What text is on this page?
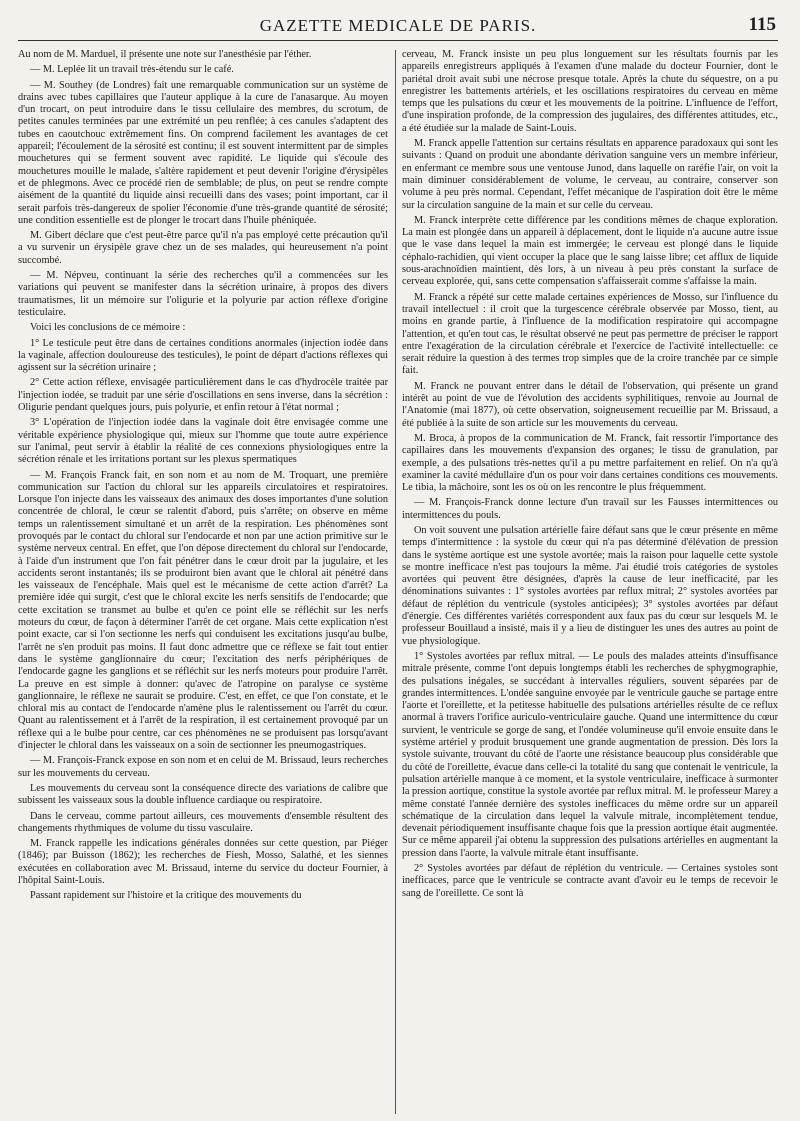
GAZETTE MEDICALE DE PARIS.	115

Au nom de M. Marduel, il présente une note sur l'anesthésie par l'éther.

— M. Leplée lit un travail très-étendu sur le café.

— M. Southey (de Londres) fait une remarquable communication sur un système de drains avec tubes capillaires que l'auteur applique à la cure de l'anasarque. Au moyen d'un trocart, on peut introduire dans le tissu cellulaire des membres, du scrotum, de petites canules terminées par une extrémité un peu renflée; à ces canules s'adaptent des tubes en caoutchouc extrêmement fins. On comprend facilement les avantages de cet appareil; l'écoulement de la sérosité est continu; il est souvent intermittent par de simples mouchetures qui se ferment souvent avec rapidité. Le liquide qui s'écoule des mouchetures mouille le malade, s'altère rapidement et peut devenir l'origine d'érysipèles et de phlegmons. Avec ce procédé rien de semblable; de plus, on peut se rendre compte aisément de la quantité du liquide ainsi recueilli dans des vases; point important, car il serait parfois très-dangereux de spolier l'économie d'une très-grande quantité de sérosité; une condition essentielle est de plonger le trocart dans l'huile phéniquée.

M. Gibert déclare que c'est peut-être parce qu'il n'a pas employé cette précaution qu'il a vu survenir un érysipèle grave chez un de ses malades, qui heureusement n'a point succombé.

— M. Népveu, continuant la série des recherches qu'il a commencées sur les variations qui peuvent se manifester dans la sécrétion urinaire, à propos des divers traumatismes, lit un mémoire sur l'oligurie et la polyurie par action réflexe d'origine testiculaire.

Voici les conclusions de ce mémoire :

1° Le testicule peut être dans de certaines conditions anormales (injection iodée dans la vaginale, affection douloureuse des testicules), le point de départ d'actions réflexes qui agissent sur la sécrétion urinaire ;

2° Cette action réflexe, envisagée particulièrement dans le cas d'hydrocèle traitée par l'injection iodée, se traduit par une série d'oscillations en sens inverse, dans la sécrétion : Oligurie pendant quelques jours, puis polyurie, et enfin retour à l'état normal ;

3° L'opération de l'injection iodée dans la vaginale doit être envisagée comme une véritable expérience physiologique qui, mieux sur l'homme que toute autre expérience sur l'animal, peut servir à établir la réalité de ces connexions physiologiques entre la sécrétion rénale et les irritations portant sur les plexus spermatiques

— M. François Franck fait, en son nom et au nom de M. Troquart, une première communication sur l'action du chloral sur les appareils circulatoires et respiratoires. Lorsque l'on injecte dans les vaisseaux des animaux des doses importantes d'une solution concentrée de chloral, le cœur se ralentit d'abord, puis s'arrête; on observe en même temps un ralentissement simultané et un arrêt de la respiration. Les phénomènes sont provoqués par le contact du chloral sur l'endocarde et non par une action primitive sur le système nerveux central. En effet, que l'on dépose directement du chloral sur l'endocarde, à l'aide d'un instrument que l'on fait pénétrer dans le cœur droit par la jugulaire, et les accidents seront instantanés; ils se produiront bien avant que le chloral ait pénétré dans les vaisseaux de l'encéphale. Mais quel est le mécanisme de cette action d'arrêt? La première idée qui surgit, c'est que le chloral excite les nerfs sensitifs de l'endocarde; que cette excitation se transmet au bulbe et qu'en ce point elle se réfléchit sur les nerfs moteurs du cœur, de façon à déterminer l'arrêt de cet organe. Mais cette explication n'est point exacte, car si l'on sectionne les nerfs qui conduisent les excitations jusqu'au bulbe, l'arrêt ne s'en produit pas moins. Il faut donc admettre que ce réflexe se fait tout entier dans le système ganglionnaire du cœur; l'excitation des nerfs périphériques de l'endocarde gagne les ganglions et se réfléchit sur les nerfs moteurs pour produire l'arrêt. La preuve en est simple à donner: qu'avec de l'atropine on paralyse ce système ganglionnaire, le réflexe ne saurait se produire. C'est, en effet, ce que l'on constate, et le chloral mis au contact de l'endocarde n'amène plus le ralentissement ou l'arrêt du cœur. Quant au ralentissement et à l'arrêt de la respiration, il est certainement provoqué par un réflexe qui a le bulbe pour centre, car ces phénomènes ne se produisent pas lorsqu'avant d'injecter le chloral dans les vaisseaux on a soin de sectionner les pneumogastriques.

— M. François-Franck expose en son nom et en celui de M. Brissaud, leurs recherches sur les mouvements du cerveau.

Les mouvements du cerveau sont la conséquence directe des variations de calibre que subissent les vaisseaux sous la double influence cardiaque ou respiratoire.

Dans le cerveau, comme partout ailleurs, ces mouvements d'ensemble résultent des changements rhythmiques de volume du tissu vasculaire.

M. Franck rappelle les indications générales données sur cette question, par Piéger (1846); par Buisson (1862); les recherches de Fiesh, Mosso, Salathé, et les siennes exécutées en collaboration avec M. Brissaud, interne du service du docteur Fournier, à l'hôpital Saint-Louis.

Passant rapidement sur l'histoire et la critique des mouvements du

cerveau, M. Franck insiste un peu plus longuement sur les résultats fournis par les appareils enregistreurs appliqués à l'examen d'une malade du docteur Fournier, dont le pariétal droit avait subi une nécrose presque totale. Après la chute du séquestre, on a pu enregistrer les battements artériels, et les oscillations respiratoires du cerveau en même temps que les pulsations du cœur et les mouvements de la poitrine. L'influence de l'effort, d'une inspiration profonde, de la compression des jugulaires, des différentes attitudes, etc., a été étudiée sur la malade de Saint-Louis.

M. Franck appelle l'attention sur certains résultats en apparence paradoxaux qui sont les suivants : Quand on produit une abondante dérivation sanguine vers un membre inférieur, en enfermant ce membre sous une ventouse Junod, dans laquelle on raréfie l'air, on voit la main diminuer considérablement de volume, le cerveau, au contraire, conserver son volume à peu près normal. Cependant, l'effet mécanique de l'aspiration doit être le même sur la circulation sanguine de la main et sur celle du cerveau.

M. Franck interprète cette différence par les conditions mêmes de chaque exploration. La main est plongée dans un appareil à déplacement, dont le liquide n'a aucune autre issue que le vase dans lequel la main est immergée; le cerveau est plongé dans le liquide céphalo-rachidien, qui vient occuper la place que le sang laisse libre; cet afflux de liquide sous-arachnoïdien maintient, dès lors, à un niveau à peu près constant la surface de cerveau explorée, qui, sans cette compensation s'affaisserait comme s'affaisse la main.

M. Franck a répété sur cette malade certaines expériences de Mosso, sur l'influence du travail intellectuel : il croit que la turgescence cérébrale observée par Mosso, tient, au moins en grande partie, à l'influence de la modification respiratoire qui accompagne l'attention, et qu'en tout cas, le résultat observé ne peut pas permettre de préciser le rapport entre l'exagération de la circulation cérébrale et l'exercice de l'activité intellectuelle: ce serait réduire la question à des termes trop simples que de la croire tranchée par ce simple fait.

M. Franck ne pouvant entrer dans le détail de l'observation, qui présente un grand intérêt au point de vue de l'évolution des accidents syphilitiques, renvoie au Journal de l'Anatomie (mai 1877), où cette observation, soigneusement recueillie par M. Brissaud, a été publiée à la suite de son article sur les mouvements du cerveau.

M. Broca, à propos de la communication de M. Franck, fait ressortir l'importance des capillaires dans les mouvements d'expansion des organes; le tissu de granulation, par exemple, a des pulsations très-nettes qu'il a pu mettre parfaitement en relief. On n'a qu'à examiner la cavité médullaire d'un os pour voir dans certaines conditions ces mouvements. Le tibia, la mâchoire, sont les os où on les rencontre le plus fréquemment.

— M. François-Franck donne lecture d'un travail sur les Fausses intermittences ou intermittences du pouls.

On voit souvent une pulsation artérielle faire défaut sans que le cœur présente en même temps d'intermittence : la systole du cœur qui n'a pas déterminé d'élévation de pression dans le système aortique est une systole avortée; mais la raison pour laquelle cette systole se montre inefficace n'est pas toujours la même. J'ai étudié trois catégories de systoles avortées qui peuvent être désignées, d'après la cause de leur inefficacité, par les dénominations suivantes : 1° systoles avortées par reflux mitral; 2° systoles avortées par défaut de réplétion du ventricule (systoles anticipées); 3° systoles avortées par défaut d'énergie. Ces différentes variétés correspondent aux faux pas du cœur sur lesquels M. le professeur Bouillaud a insisté, mais il y a lieu de distinguer les unes des autres au point de vue physiologique.

1° Systoles avortées par reflux mitral. — Le pouls des malades atteints d'insuffisance mitrale présente, comme l'ont depuis longtemps établi les recherches de sphygmographie, des pulsations inégales, se succédant à intervalles réguliers, souvent séparées par de grandes intermittences. L'ondée sanguine envoyée par le ventricule gauche se partage entre l'aorte et l'oreillette, et la petitesse habituelle des pulsations artérielles résulte de ce reflux anormal à travers l'orifice auriculo-ventriculaire gauche. Quand une intermittence du cœur survient, le ventricule se gorge de sang, et l'ondée volumineuse qu'il envoie ensuite dans le système artériel y produit brusquement une grande augmentation de pression. Dès lors la systole suivante, trouvant du côté de l'aorte une résistance beaucoup plus considérable que du côté de l'oreillette, évacue dans celle-ci la totalité du sang que contenait le ventricule, la pulsation artérielle manque à ce moment, et la systole ventriculaire, inefficace à surmonter la pression aortique, constitue la systole avortée par reflux mitral. M. le professeur Marey a même constaté l'année dernière des systoles inefficaces du même ordre sur un appareil schématique de la circulation dans lequel la valvule mitrale, incomplètement tendue, devenait périodiquement insuffisante chaque fois que la pression aortique était augmentée. Sur ce même appareil j'ai obtenu la suppression des pulsations artérielles en augmentant la pression dans l'aorte, la valvule mitrale étant insuffisante.

2° Systoles avortées par défaut de réplétion du ventricule. — Certaines systoles sont inefficaces, parce que le ventricule se contracte avant d'avoir eu le temps de recevoir le sang de l'oreillette. Ce sont là
